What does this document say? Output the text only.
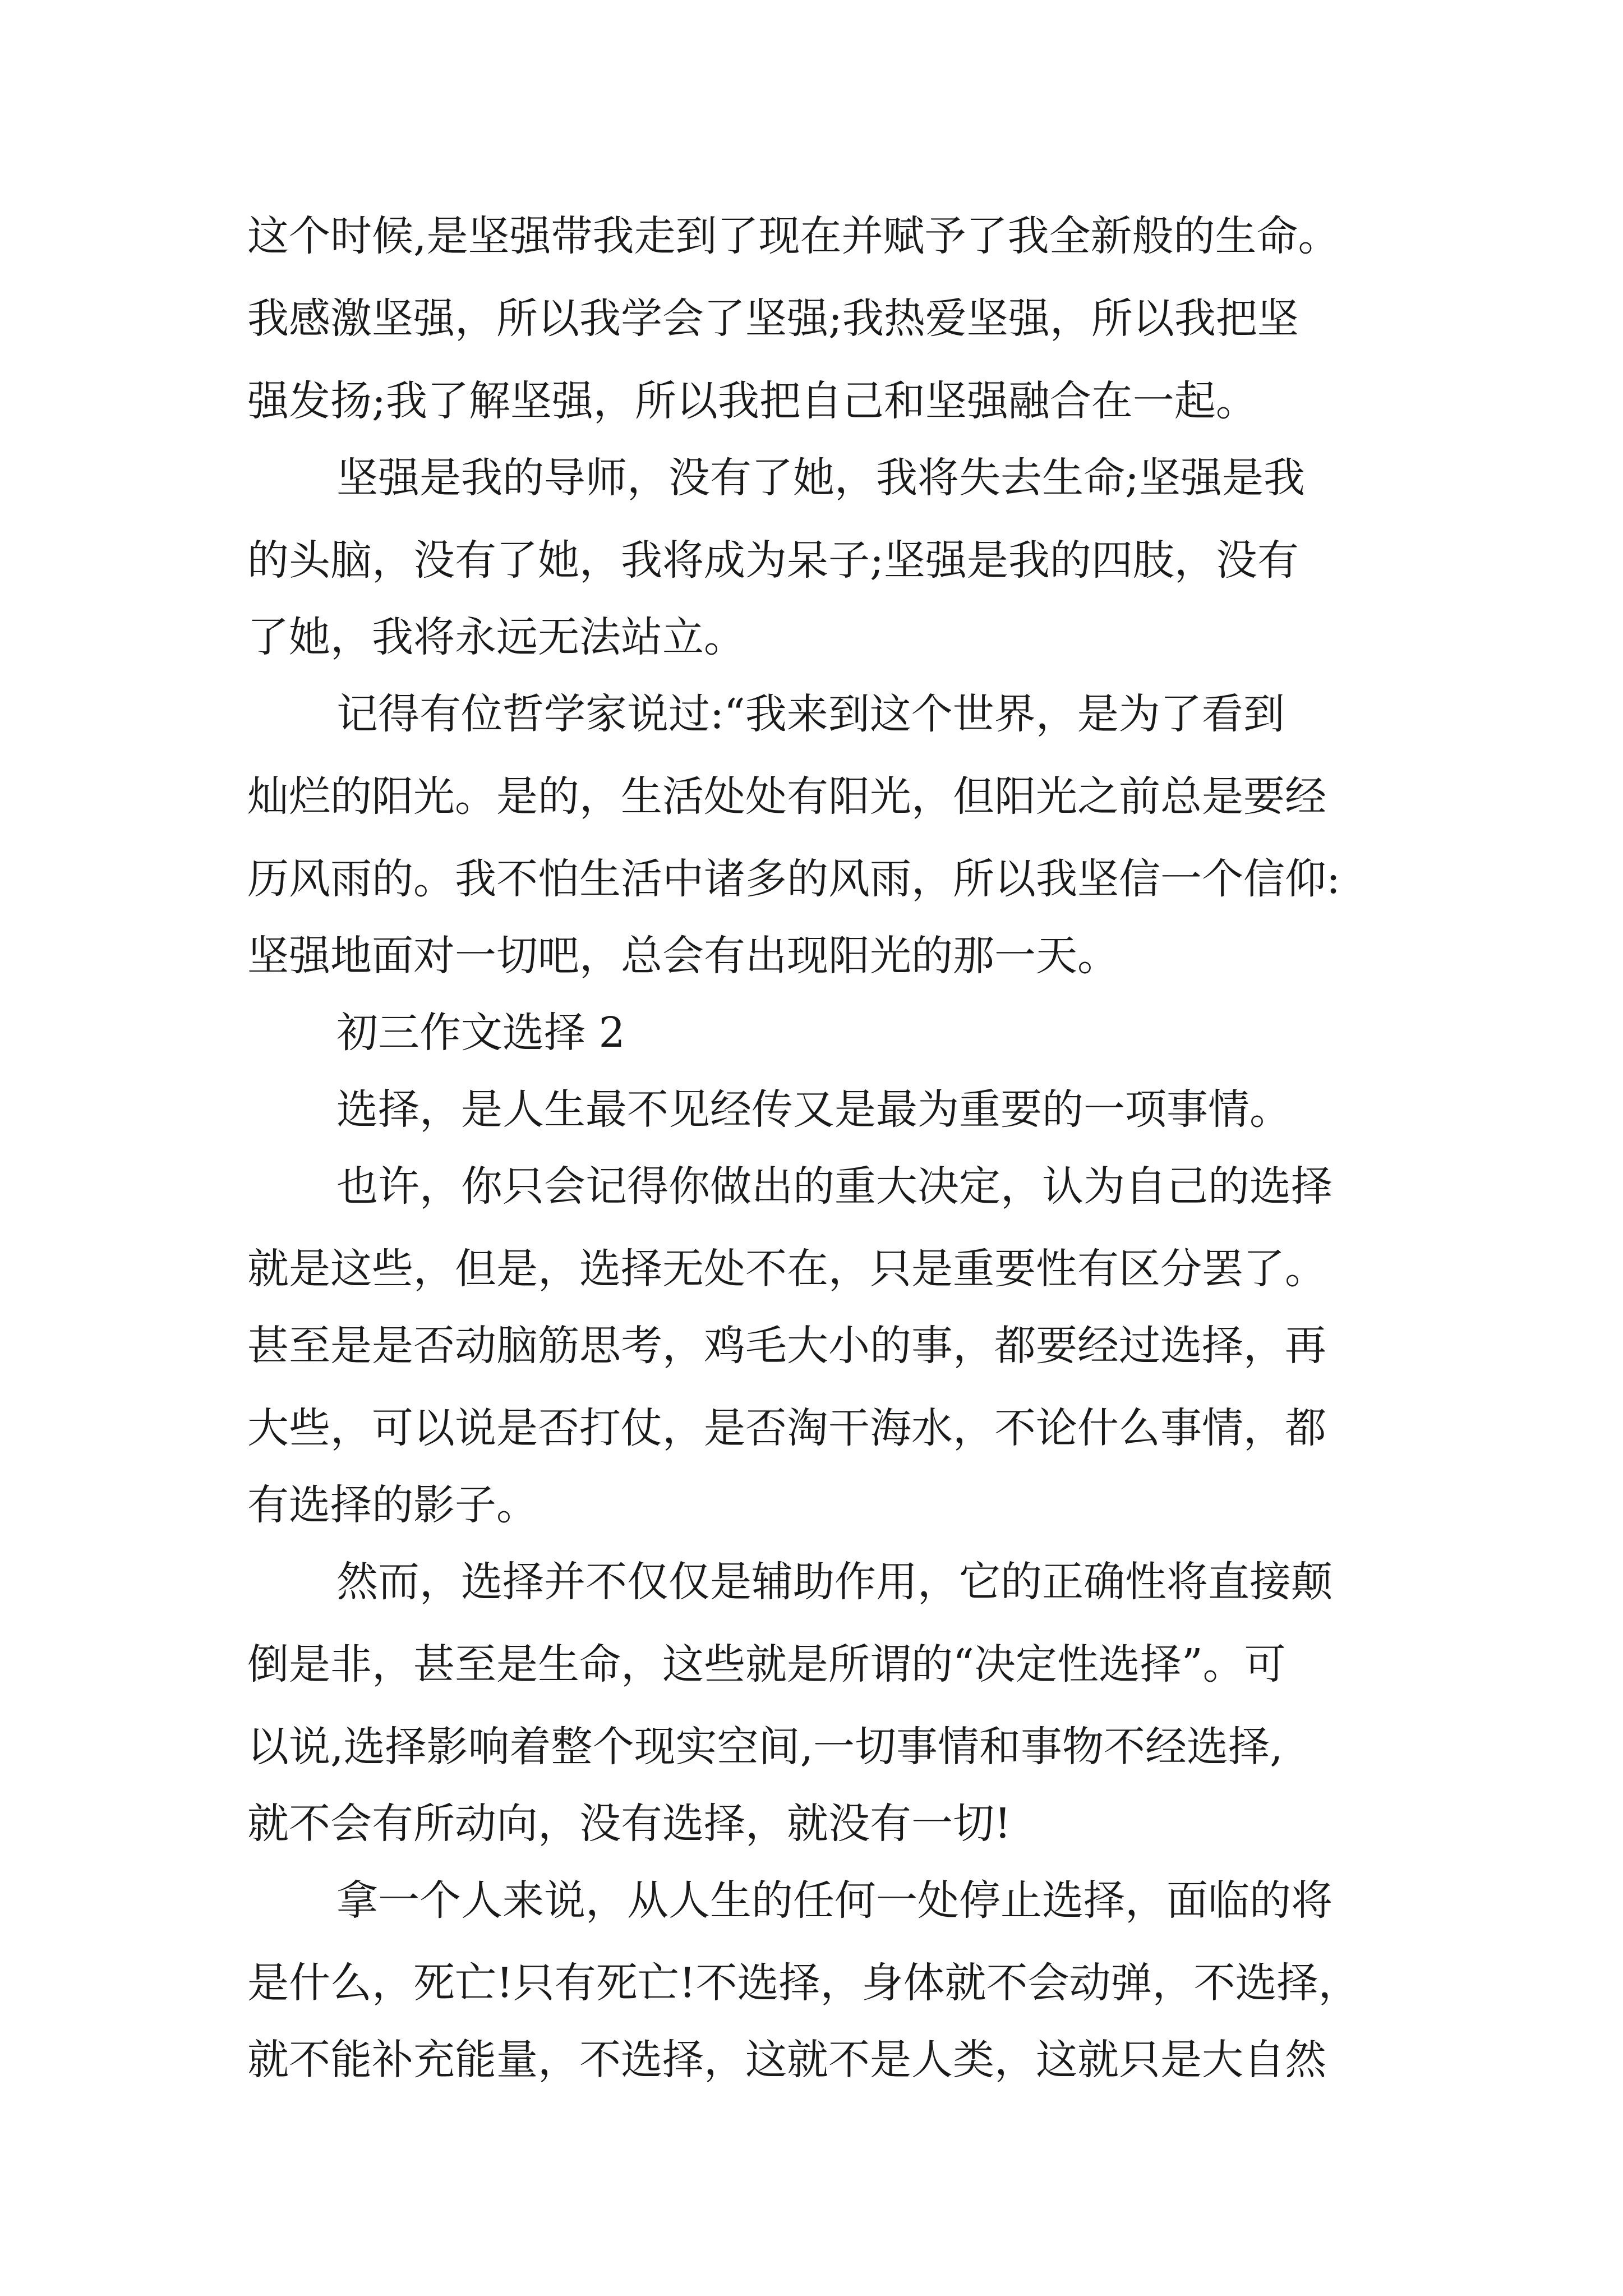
这个时候,是坚强带我走到了现在并赋予了我全新般的生命。

我感激坚强，所以我学会了坚强;我热爱坚强，所以我把坚

强发扬;我了解坚强，所以我把自己和坚强融合在一起。

坚强是我的导师，没有了她，我将失去生命;坚强是我

的头脑，没有了她，我将成为呆子;坚强是我的四肢，没有

了她，我将永远无法站立。

记得有位哲学家说过:“我来到这个世界，是为了看到

灿烂的阳光。是的，生活处处有阳光，但阳光之前总是要经

历风雨的。我不怕生活中诸多的风雨，所以我坚信一个信仰:

坚强地面对一切吧，总会有出现阳光的那一天。

初三作文选择 2

选择，是人生最不见经传又是最为重要的一项事情。

也许，你只会记得你做出的重大决定，认为自己的选择

就是这些，但是，选择无处不在，只是重要性有区分罢了。

甚至是是否动脑筋思考，鸡毛大小的事，都要经过选择，再

大些，可以说是否打仗，是否淘干海水，不论什么事情，都

有选择的影子。

然而，选择并不仅仅是辅助作用，它的正确性将直接颠

倒是非，甚至是生命，这些就是所谓的“决定性选择”。可

以说,选择影响着整个现实空间,一切事情和事物不经选择,

就不会有所动向，没有选择，就没有一切!

拿一个人来说，从人生的任何一处停止选择，面临的将

是什么，死亡!只有死亡!不选择，身体就不会动弹，不选择，

就不能补充能量，不选择，这就不是人类，这就只是大自然
